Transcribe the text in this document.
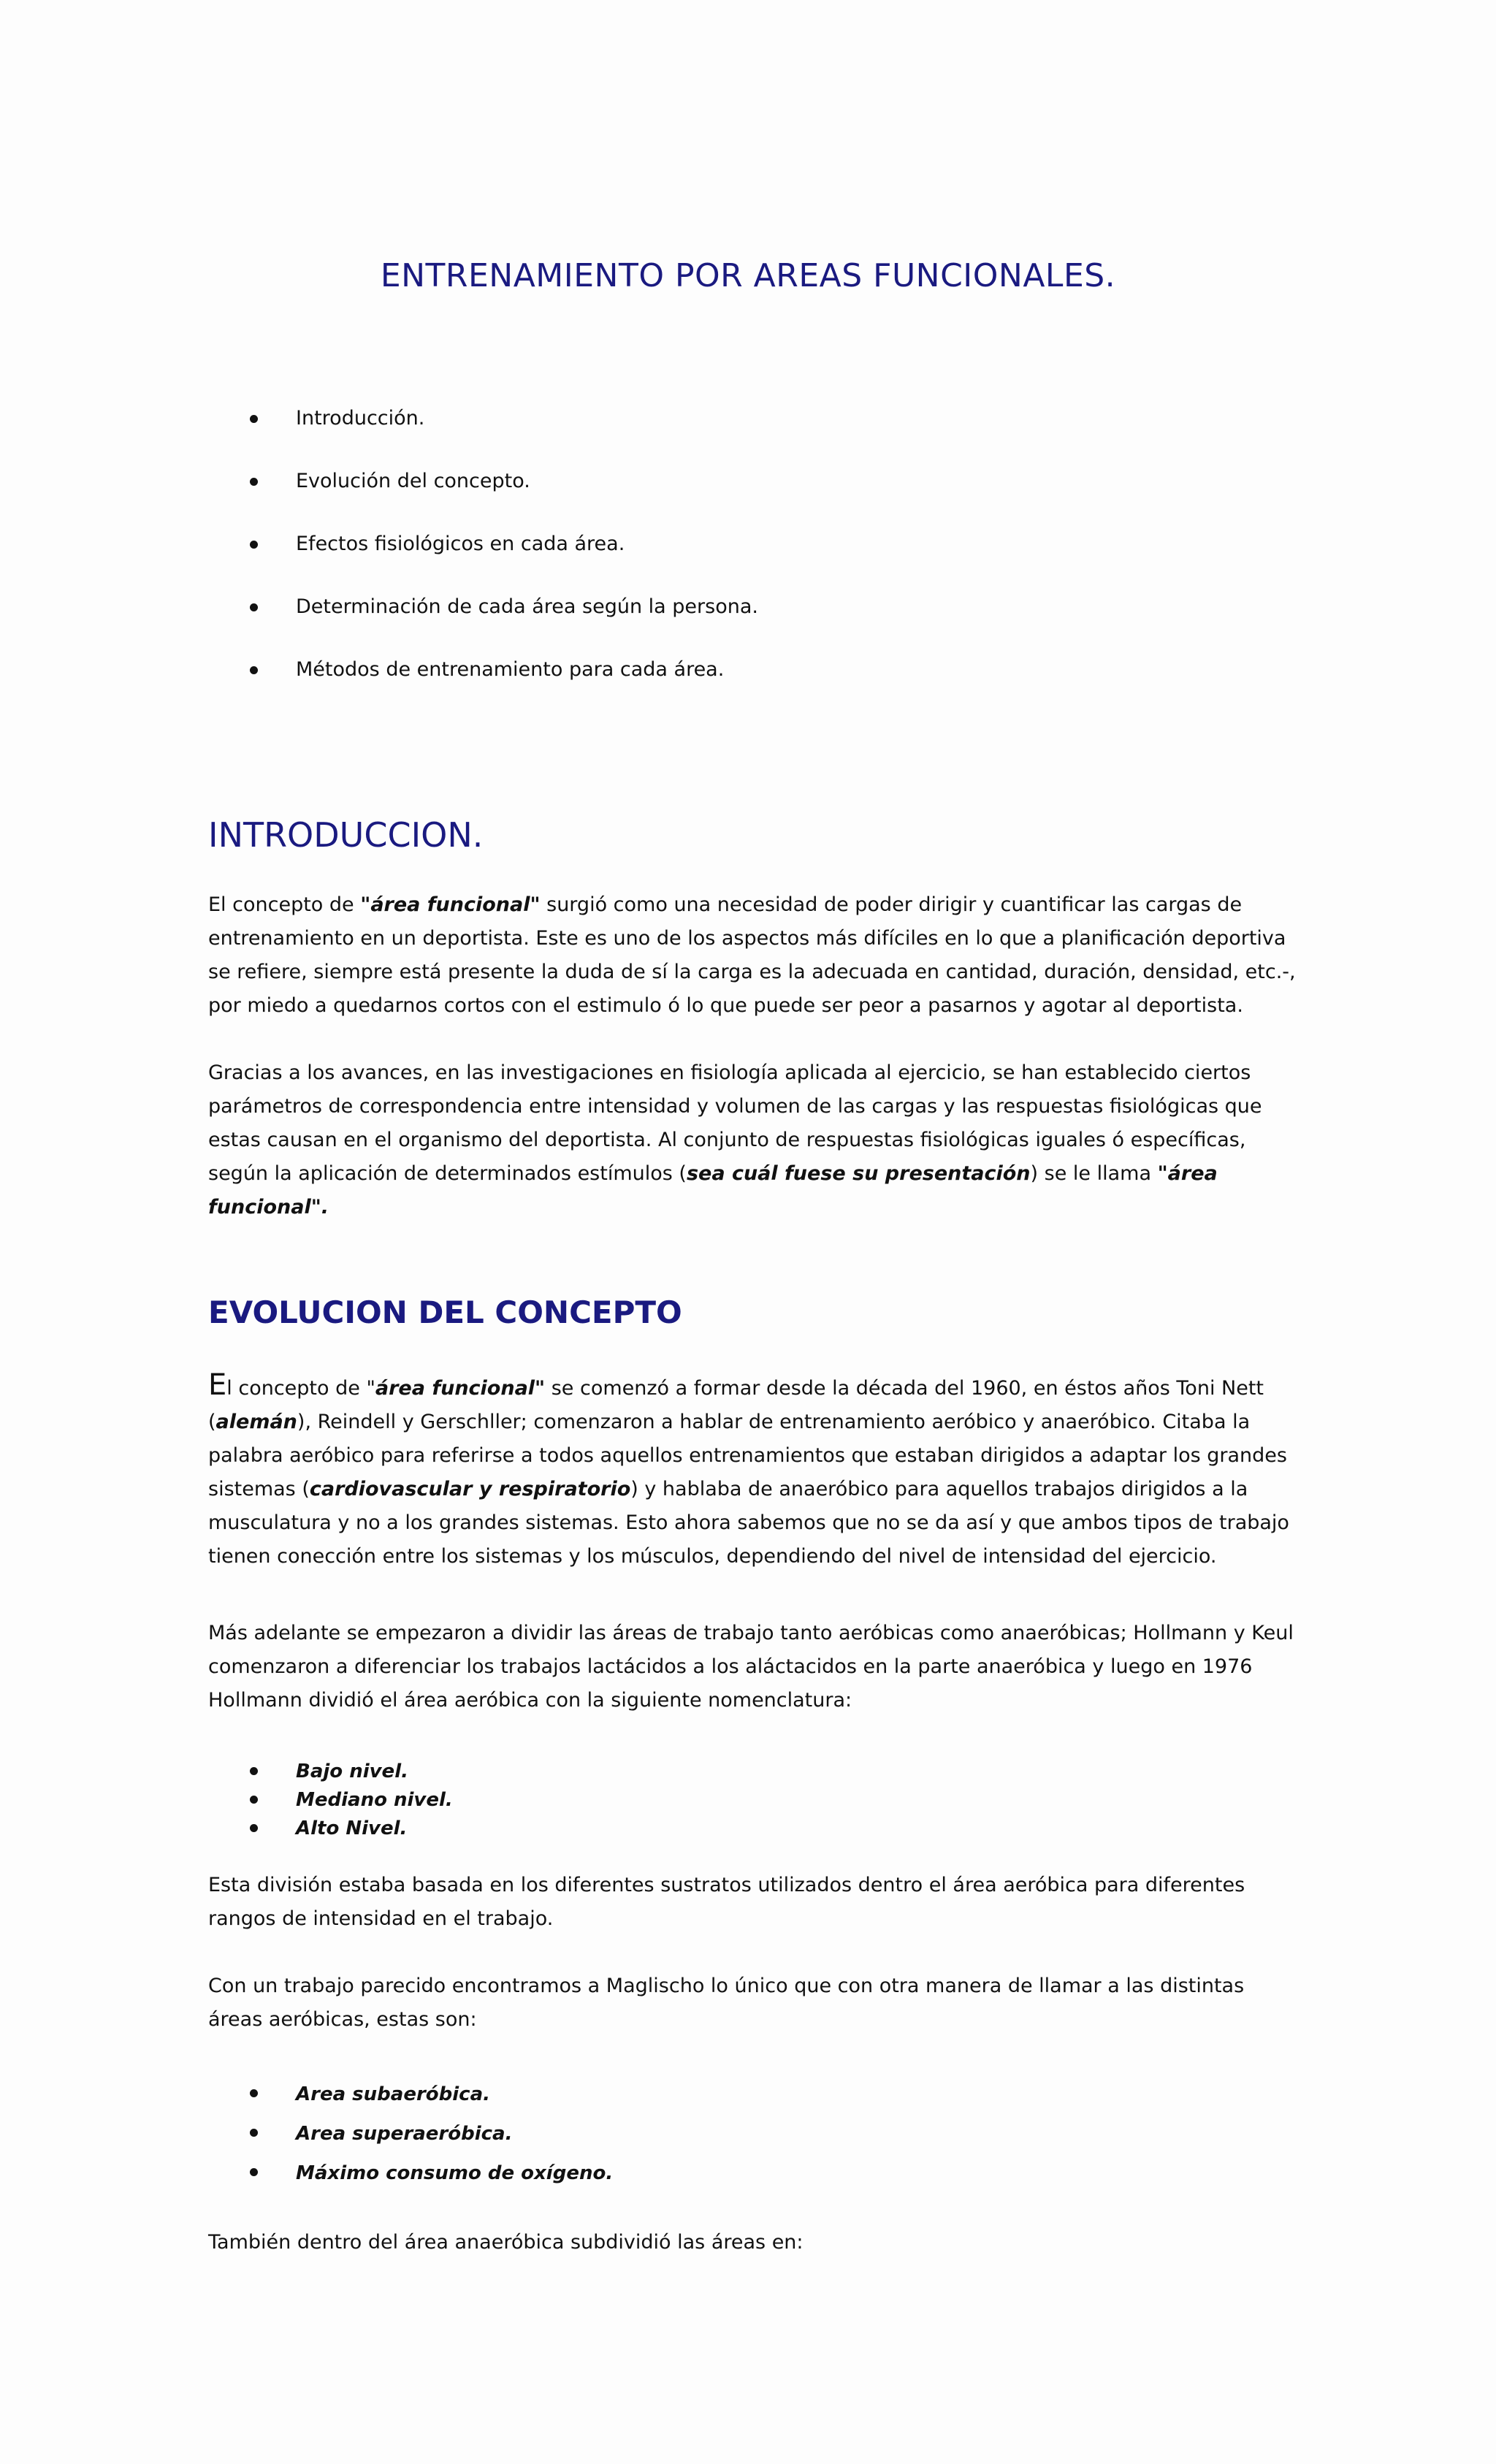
ENTRENAMIENTO POR AREAS FUNCIONALES.
Introducción.
Evolución del concepto.
Efectos fisiológicos en cada área.
Determinación de cada área según la persona.
Métodos de entrenamiento para cada área.
INTRODUCCION.

El concepto de "área funcional" surgió como una necesidad de poder dirigir y cuantificar las cargas de entrenamiento en un deportista. Este es uno de los aspectos más difíciles en lo que a planificación deportiva se refiere, siempre está presente la duda de sí la carga es la adecuada en cantidad, duración, densidad, etc.-, por miedo a quedarnos cortos con el estimulo ó lo que puede ser peor a pasarnos y agotar al deportista.

Gracias a los avances, en las investigaciones en fisiología aplicada al ejercicio, se han establecido ciertos parámetros de correspondencia entre intensidad y volumen de las cargas y las respuestas fisiológicas que estas causan en el organismo del deportista. Al conjunto de respuestas fisiológicas iguales ó específicas, según la aplicación de determinados estímulos (sea cuál fuese su presentación) se le llama "área funcional".

EVOLUCION DEL CONCEPTO

El concepto de "área funcional" se comenzó a formar desde la década del 1960, en éstos años Toni Nett (alemán), Reindell y Gerschller; comenzaron a hablar de entrenamiento aeróbico y anaeróbico. Citaba la palabra aeróbico para referirse a todos aquellos entrenamientos que estaban dirigidos a adaptar los grandes sistemas (cardiovascular y respiratorio) y hablaba de anaeróbico para aquellos trabajos dirigidos a la musculatura y no a los grandes sistemas. Esto ahora sabemos que no se da así y que ambos tipos de trabajo tienen conección entre los sistemas y los músculos, dependiendo del nivel de intensidad del ejercicio.

Más adelante se empezaron a dividir las áreas de trabajo tanto aeróbicas como anaeróbicas; Hollmann y Keul comenzaron a diferenciar los trabajos lactácidos a los aláctacidos en la parte anaeróbica y luego en 1976 Hollmann dividió el área aeróbica con la siguiente nomenclatura:

Bajo nivel.
Mediano nivel.
Alto Nivel.

Esta división estaba basada en los diferentes sustratos utilizados dentro el área aeróbica para diferentes rangos de intensidad en el trabajo.

Con un trabajo parecido encontramos a Maglischo lo único que con otra manera de llamar a las distintas áreas aeróbicas, estas son:

Area subaeróbica.
Area superaeróbica.
Máximo consumo de oxígeno.

También dentro del área anaeróbica subdividió las áreas en:
